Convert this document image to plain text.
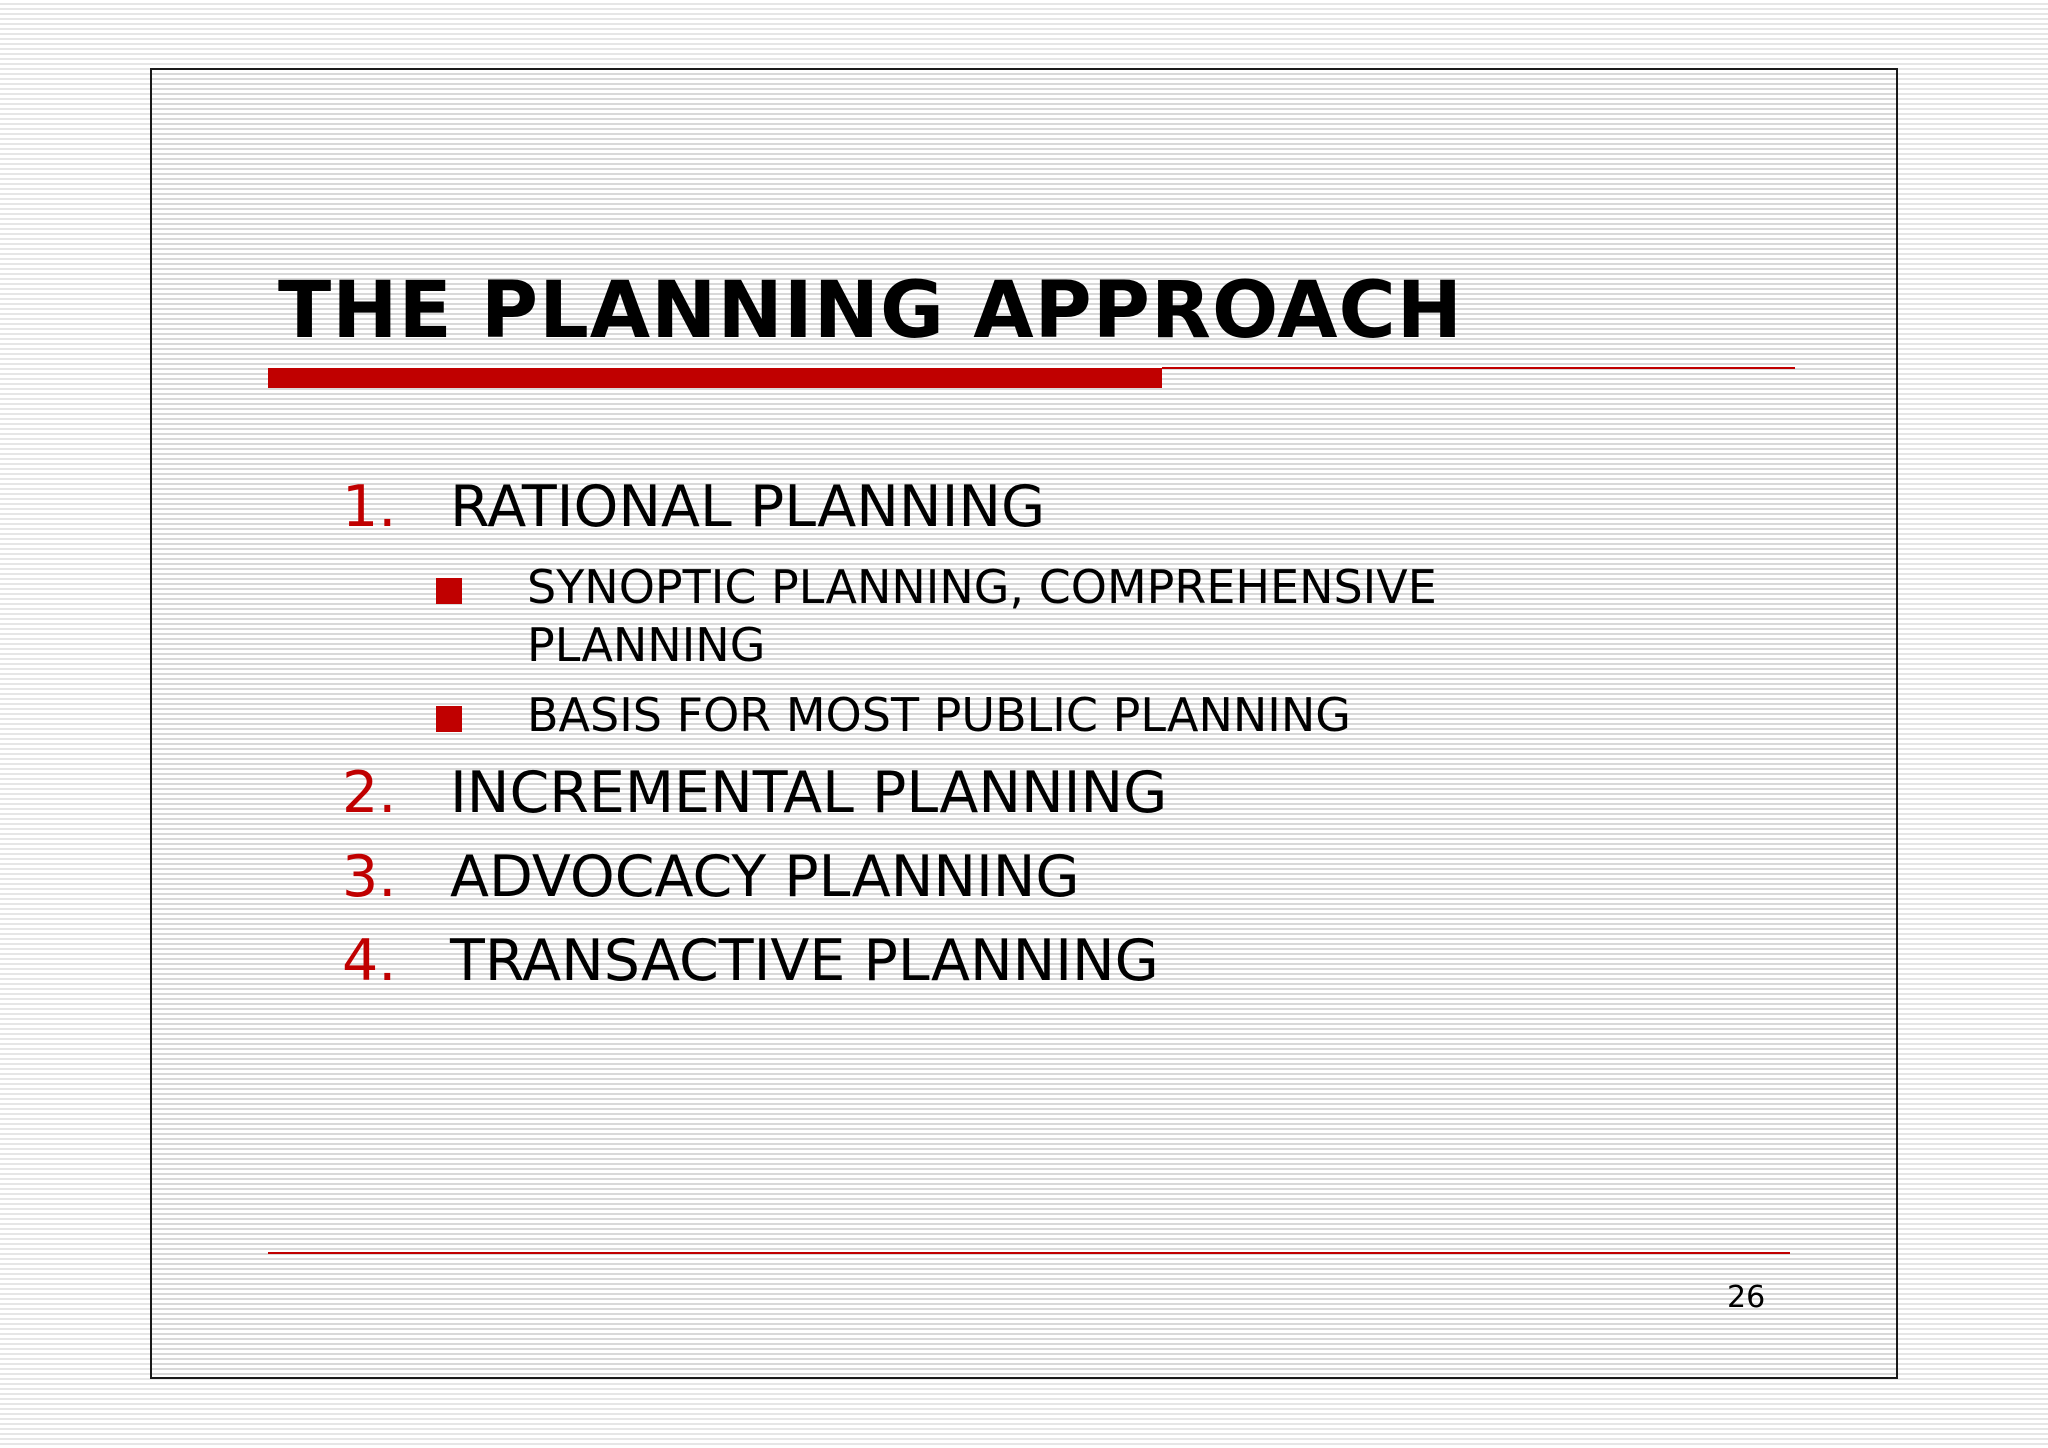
THE PLANNING APPROACH
1. RATIONAL PLANNING
SYNOPTIC PLANNING, COMPREHENSIVE PLANNING
BASIS FOR MOST PUBLIC PLANNING
2. INCREMENTAL PLANNING
3. ADVOCACY PLANNING
4. TRANSACTIVE PLANNING
26
